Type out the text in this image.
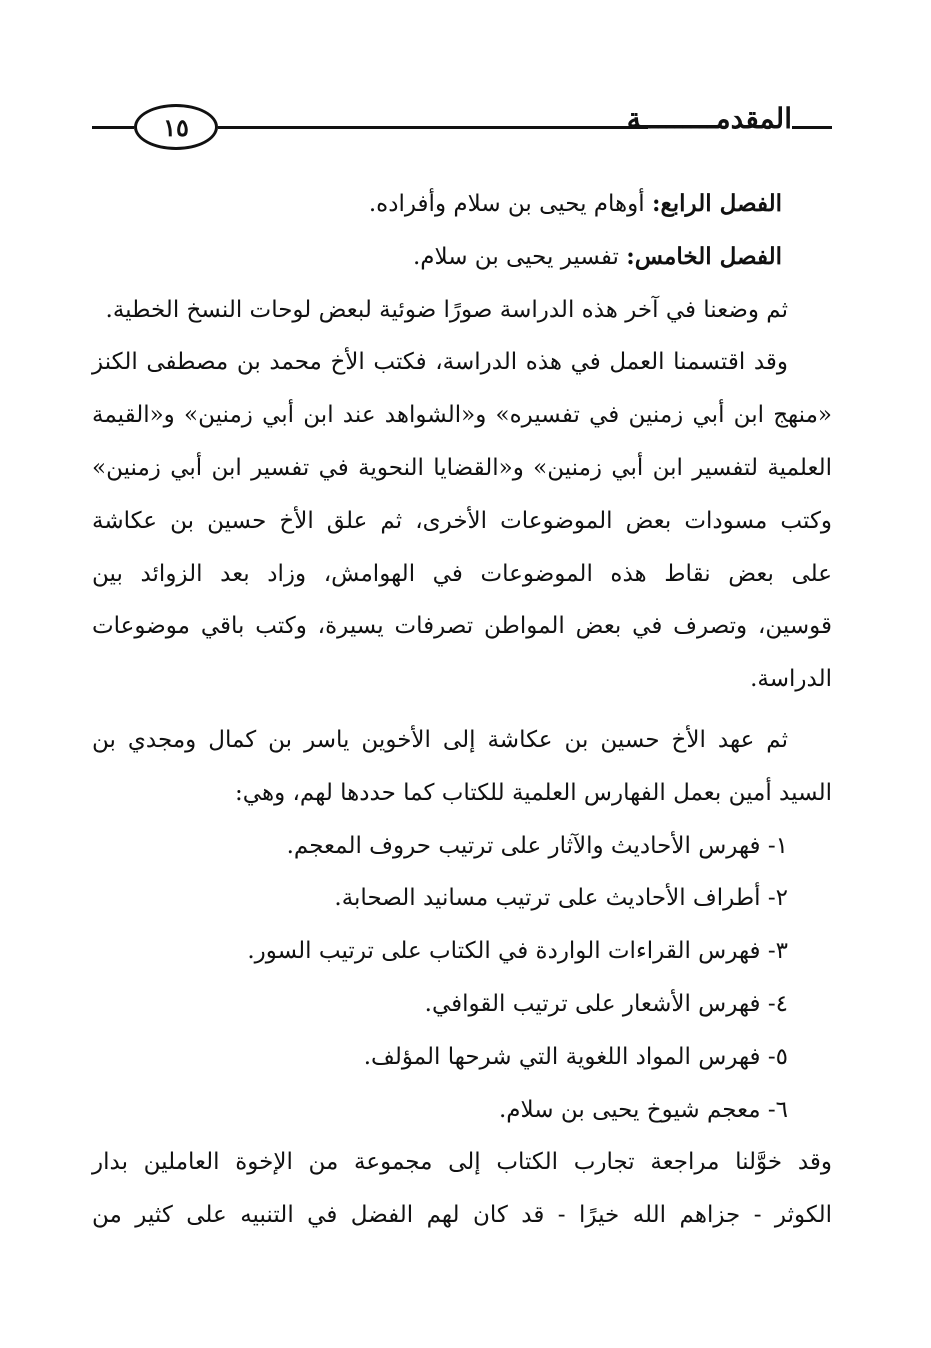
١٥	المقدمـــــــــة
الفصل الرابع: أوهام يحيى بن سلام وأفراده.
الفصل الخامس: تفسير يحيى بن سلام.
ثم وضعنا في آخر هذه الدراسة صورًا ضوئية لبعض لوحات النسخ الخطية.
وقد اقتسمنا العمل في هذه الدراسة، فكتب الأخ محمد بن مصطفى الكنز
«منهج ابن أبي زمنين في تفسيره» و«الشواهد عند ابن أبي زمنين» و«القيمة
العلمية لتفسير ابن أبي زمنين» و«القضايا النحوية في تفسير ابن أبي زمنين»
وكتب مسودات بعض الموضوعات الأخرى، ثم علق الأخ حسين بن عكاشة
على بعض نقاط هذه الموضوعات في الهوامش، وزاد بعد الزوائد بين
قوسين، وتصرف في بعض المواطن تصرفات يسيرة، وكتب باقي موضوعات
الدراسة.
ثم عهد الأخ حسين بن عكاشة إلى الأخوين ياسر بن كمال ومجدي بن
السيد أمين بعمل الفهارس العلمية للكتاب كما حددها لهم، وهي:
١- فهرس الأحاديث والآثار على ترتيب حروف المعجم.
٢- أطراف الأحاديث على ترتيب مسانيد الصحابة.
٣- فهرس القراءات الواردة في الكتاب على ترتيب السور.
٤- فهرس الأشعار على ترتيب القوافي.
٥- فهرس المواد اللغوية التي شرحها المؤلف.
٦- معجم شيوخ يحيى بن سلام.
وقد خوَّلنا مراجعة تجارب الكتاب إلى مجموعة من الإخوة العاملين بدار
الكوثر - جزاهم الله خيرًا - قد كان لهم الفضل في التنبيه على كثير من
